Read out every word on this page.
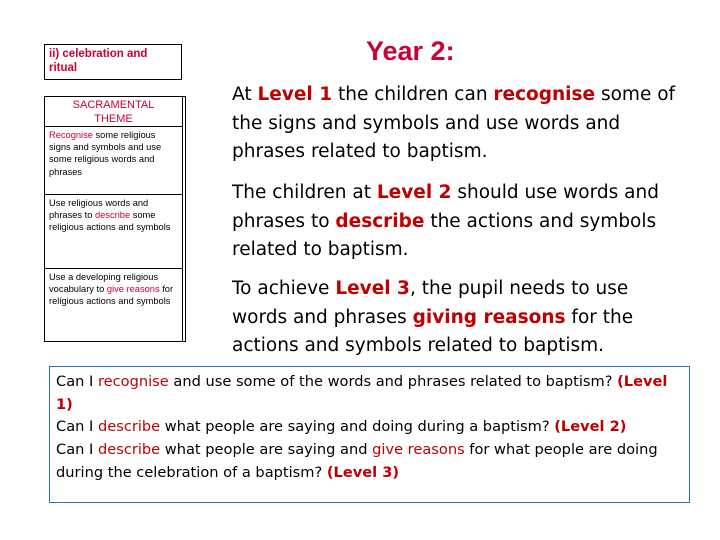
ii) celebration and ritual
SACRAMENTAL
THEME
Recognise some religious signs and symbols and use some religious words and phrases
Use religious words and phrases to describe some religious actions and symbols
Use a developing religious vocabulary to give reasons for religious actions and symbols
Year 2:
At Level 1 the children can recognise some of the signs and symbols and use words and phrases related to baptism.
The children at Level 2 should use words and phrases to describe the actions and symbols related to baptism.
To achieve Level 3, the pupil needs to use words and phrases giving reasons for the actions and symbols related to baptism.
Can I recognise and use some of the words and phrases related to baptism? (Level 1)
Can I describe what people are saying and doing during a baptism? (Level 2)
Can I describe what people are saying and give reasons for what people are doing during the celebration of a baptism? (Level 3)
